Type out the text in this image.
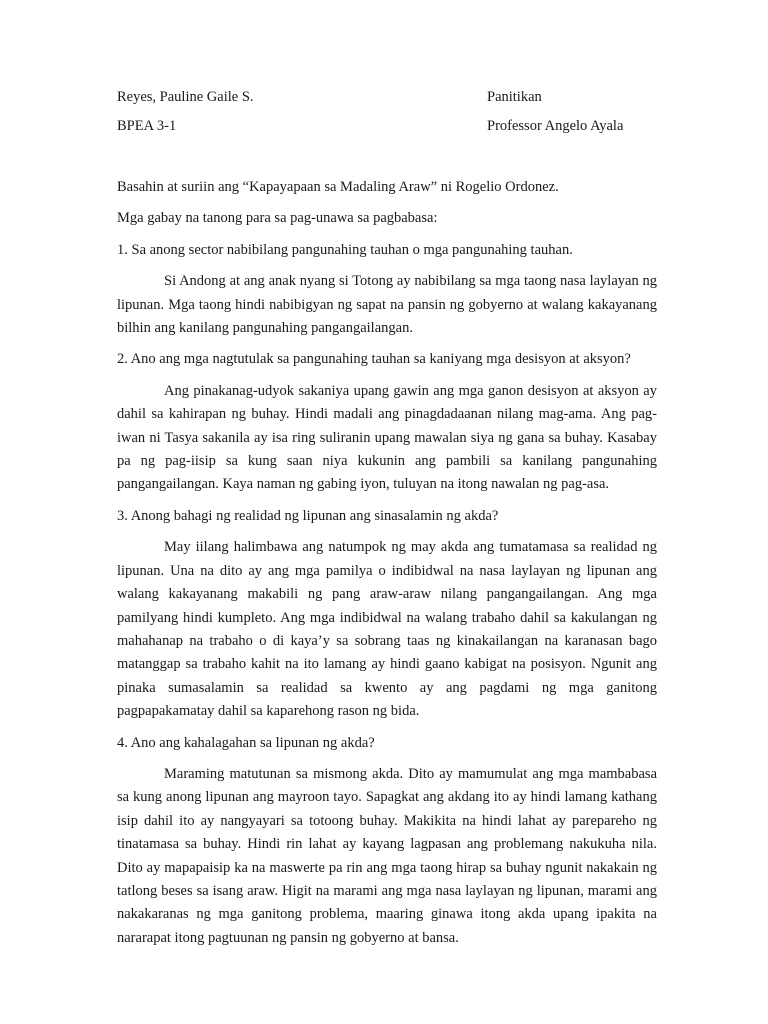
Reyes, Pauline Gaile S.	Panitikan
BPEA 3-1	Professor Angelo Ayala

Basahin at suriin ang “Kapayapaan sa Madaling Araw” ni Rogelio Ordonez.

Mga gabay na tanong para sa pag-unawa sa pagbabasa:

1. Sa anong sector nabibilang pangunahing tauhan o mga pangunahing tauhan.

Si Andong at ang anak nyang si Totong ay nabibilang sa mga taong nasa laylayan ng lipunan. Mga taong hindi nabibigyan ng sapat na pansin ng gobyerno at walang kakayanang bilhin ang kanilang pangunahing pangangailangan.

2. Ano ang mga nagtutulak sa pangunahing tauhan sa kaniyang mga desisyon at aksyon?

Ang pinakanag-udyok sakaniya upang gawin ang mga ganon desisyon at aksyon ay dahil sa kahirapan ng buhay. Hindi madali ang pinagdadaanan nilang mag-ama. Ang pag-iwan ni Tasya sakanila ay isa ring suliranin upang mawalan siya ng gana sa buhay. Kasabay pa ng pag-iisip sa kung saan niya kukunin ang pambili sa kanilang pangunahing pangangailangan. Kaya naman ng gabing iyon, tuluyan na itong nawalan ng pag-asa.

3. Anong bahagi ng realidad ng lipunan ang sinasalamin ng akda?

May iilang halimbawa ang natumpok ng may akda ang tumatamasa sa realidad ng lipunan. Una na dito ay ang mga pamilya o indibidwal na nasa laylayan ng lipunan ang walang kakayanang makabili ng pang araw-araw nilang pangangailangan. Ang mga pamilyang hindi kumpleto. Ang mga indibidwal na walang trabaho dahil sa kakulangan ng mahahanap na trabaho o di kaya’y sa sobrang taas ng kinakailangan na karanasan bago matanggap sa trabaho kahit na ito lamang ay hindi gaano kabigat na posisyon. Ngunit ang pinaka sumasalamin sa realidad sa kwento ay ang pagdami ng mga ganitong pagpapakamatay dahil sa kaparehong rason ng bida.

4. Ano ang kahalagahan sa lipunan ng akda?

Maraming matutunan sa mismong akda. Dito ay mamumulat ang mga mambabasa sa kung anong lipunan ang mayroon tayo. Sapagkat ang akdang ito ay hindi lamang kathang isip dahil ito ay nangyayari sa totoong buhay. Makikita na hindi lahat ay parepareho ng tinatamasa sa buhay. Hindi rin lahat ay kayang lagpasan ang problemang nakukuha nila. Dito ay mapapaisip ka na maswerte pa rin ang mga taong hirap sa buhay ngunit nakakain ng tatlong beses sa isang araw. Higit na marami ang mga nasa laylayan ng lipunan, marami ang nakakaranas ng mga ganitong problema, maaring ginawa itong akda upang ipakita na nararapat itong pagtuunan ng pansin ng gobyerno at bansa.
